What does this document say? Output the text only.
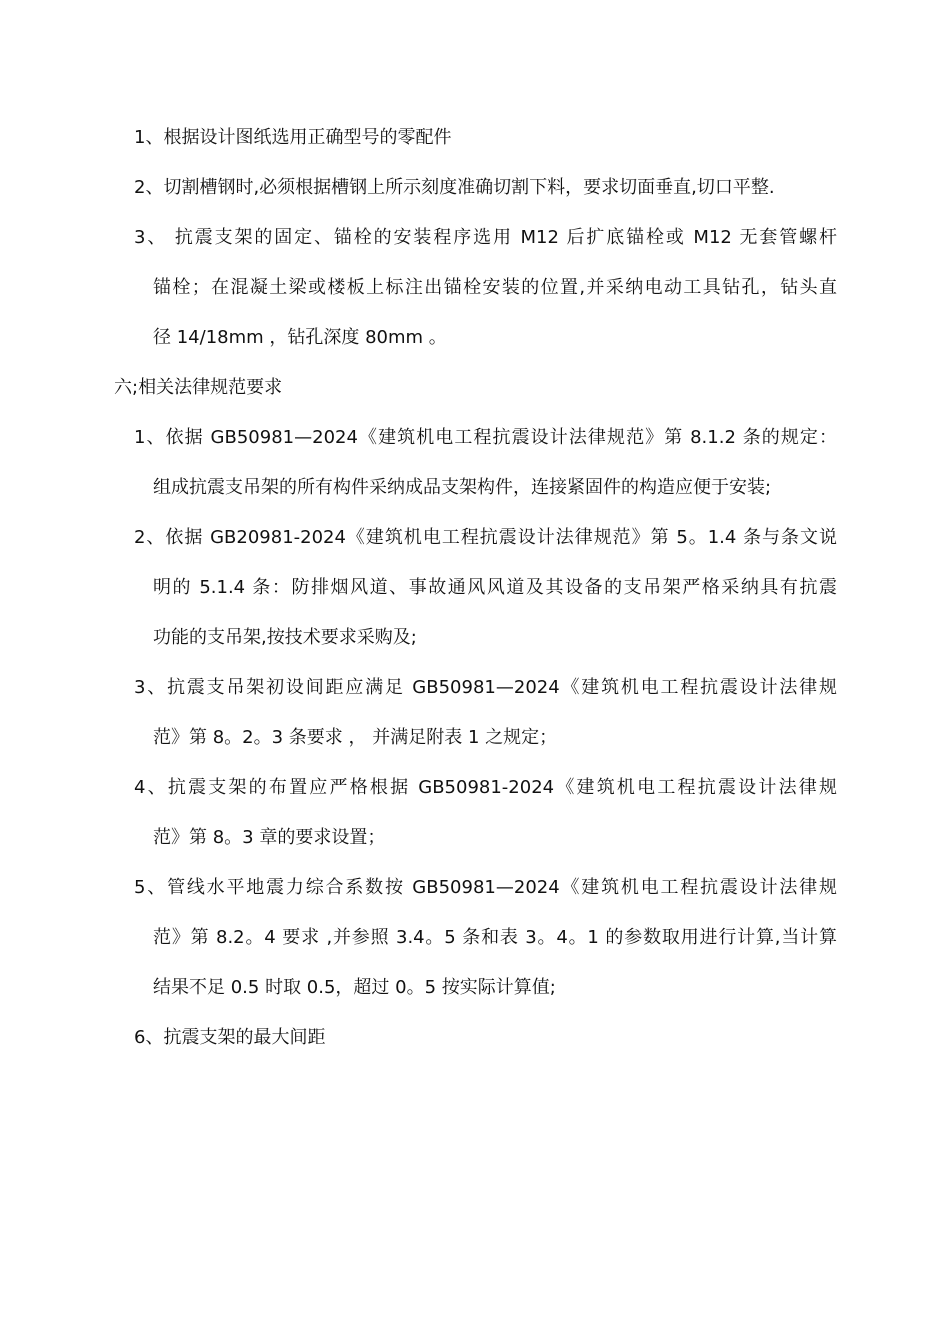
1、根据设计图纸选用正确型号的零配件
2、切割槽钢时,必须根据槽钢上所示刻度准确切割下料，要求切面垂直,切口平整.
3、 抗震支架的固定、锚栓的安装程序选用 M12 后扩底锚栓或 M12 无套管螺杆
锚栓；在混凝土梁或楼板上标注出锚栓安装的位置,并采纳电动工具钻孔，钻头直
径 14/18mm ，钻孔深度 80mm 。
六;相关法律规范要求
1、依据 GB50981—2024《建筑机电工程抗震设计法律规范》第 8.1.2 条的规定：
组成抗震支吊架的所有构件采纳成品支架构件，连接紧固件的构造应便于安装;
2、依据 GB20981-2024《建筑机电工程抗震设计法律规范》第 5。1.4 条与条文说
明的 5.1.4 条：防排烟风道、事故通风风道及其设备的支吊架严格采纳具有抗震
功能的支吊架,按技术要求采购及;
3、抗震支吊架初设间距应满足 GB50981—2024《建筑机电工程抗震设计法律规
范》第 8。2。3 条要求 ， 并满足附表 1 之规定；
4、抗震支架的布置应严格根据 GB50981-2024《建筑机电工程抗震设计法律规
范》第 8。3 章的要求设置；
5、管线水平地震力综合系数按 GB50981—2024《建筑机电工程抗震设计法律规
范》第 8.2。4 要求 ,并参照 3.4。5 条和表 3。4。1 的参数取用进行计算,当计算
结果不足 0.5 时取 0.5，超过 0。5 按实际计算值;
6、抗震支架的最大间距
